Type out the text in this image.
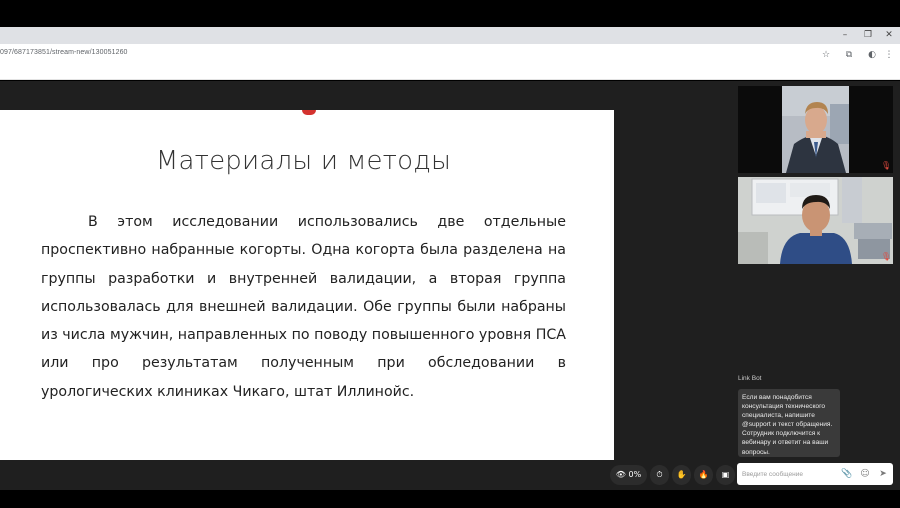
–	❐	✕
097/687173851/stream-new/130051260	☆	⧉	◐ ⋮
Материалы и методы
В этом исследовании использовались две отдельные проспективно набранные когорты. Одна когорта была разделена на группы разработки и внутренней валидации, а вторая группа использовалась для внешней валидации. Обе группы были набраны из числа мужчин, направленных по поводу повышенного уровня ПСА или про результатам полученным при обследовании в урологических клиниках Чикаго, штат Иллинойс.
🎙
🎙
Link Bot
Если вам понадобится консультация технического специалиста, напишите @support и текст обращения. Сотрудник подключится к вебинару и ответит на ваши вопросы.
👁 0%	⏱	✋	🔥	▣
Введите сообщение	📎 ☺	➤
